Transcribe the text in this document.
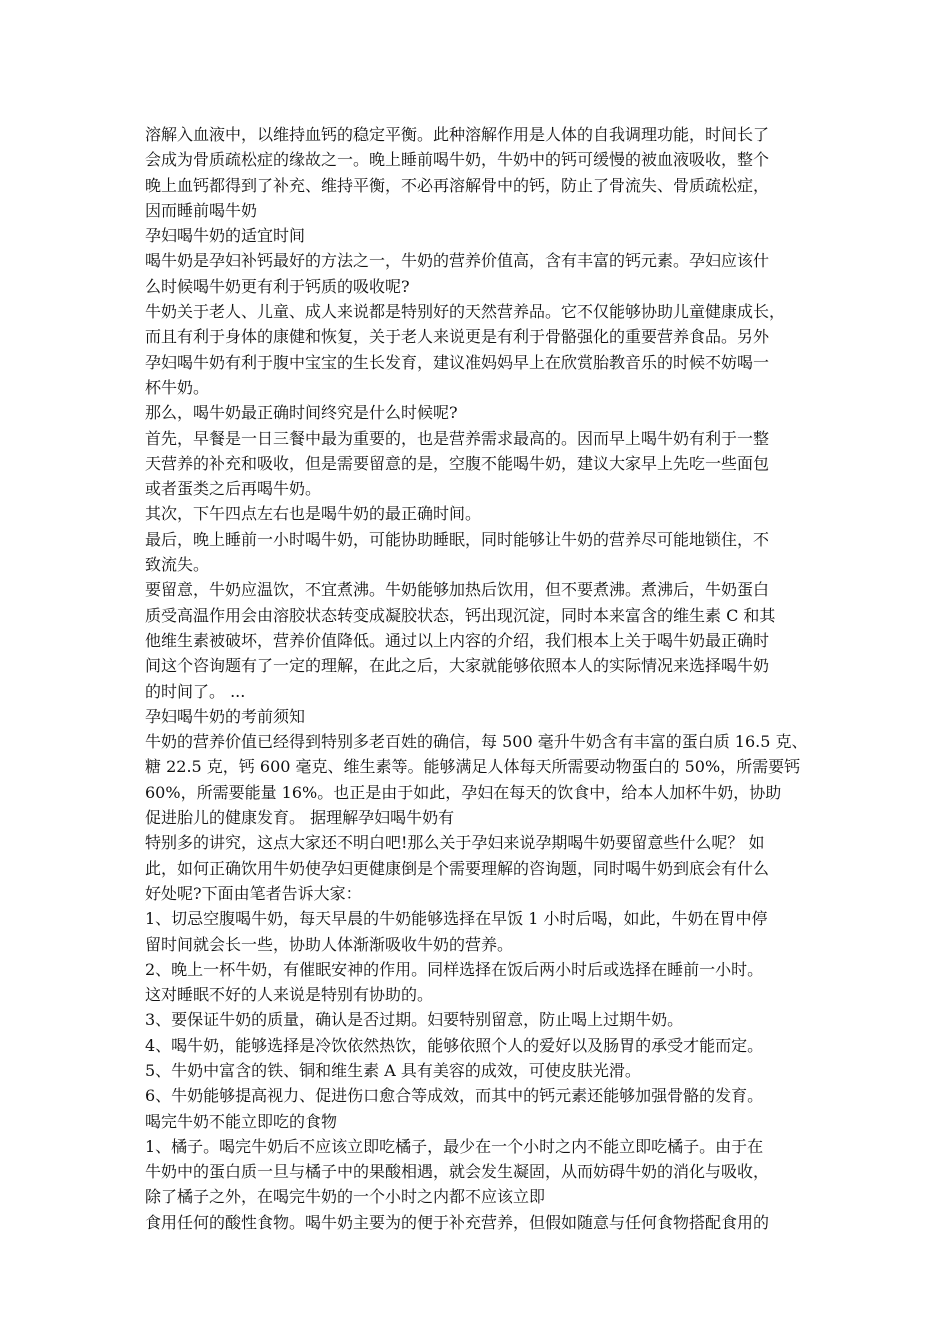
溶解入血液中，以维持血钙的稳定平衡。此种溶解作用是人体的自我调理功能，时间长了
会成为骨质疏松症的缘故之一。晚上睡前喝牛奶，牛奶中的钙可缓慢的被血液吸收，整个
晚上血钙都得到了补充、维持平衡，不必再溶解骨中的钙，防止了骨流失、骨质疏松症，
因而睡前喝牛奶
孕妇喝牛奶的适宜时间
喝牛奶是孕妇补钙最好的方法之一，牛奶的营养价值高，含有丰富的钙元素。孕妇应该什
么时候喝牛奶更有利于钙质的吸收呢?
牛奶关于老人、儿童、成人来说都是特别好的天然营养品。它不仅能够协助儿童健康成长，
而且有利于身体的康健和恢复，关于老人来说更是有利于骨骼强化的重要营养食品。另外
孕妇喝牛奶有利于腹中宝宝的生长发育，建议准妈妈早上在欣赏胎教音乐的时候不妨喝一
杯牛奶。
那么，喝牛奶最正确时间终究是什么时候呢?
首先，早餐是一日三餐中最为重要的，也是营养需求最高的。因而早上喝牛奶有利于一整
天营养的补充和吸收，但是需要留意的是，空腹不能喝牛奶，建议大家早上先吃一些面包
或者蛋类之后再喝牛奶。
其次，下午四点左右也是喝牛奶的最正确时间。
最后，晚上睡前一小时喝牛奶，可能协助睡眠，同时能够让牛奶的营养尽可能地锁住，不
致流失。
要留意，牛奶应温饮，不宜煮沸。牛奶能够加热后饮用，但不要煮沸。煮沸后，牛奶蛋白
质受高温作用会由溶胶状态转变成凝胶状态，钙出现沉淀，同时本来富含的维生素 C 和其
他维生素被破坏，营养价值降低。通过以上内容的介绍，我们根本上关于喝牛奶最正确时
间这个咨询题有了一定的理解，在此之后，大家就能够依照本人的实际情况来选择喝牛奶
的时间了。 ...
孕妇喝牛奶的考前须知
牛奶的营养价值已经得到特别多老百姓的确信，每 500 毫升牛奶含有丰富的蛋白质 16.5 克、
糖 22.5 克，钙 600 毫克、维生素等。能够满足人体每天所需要动物蛋白的 50%，所需要钙
60%，所需要能量 16%。也正是由于如此，孕妇在每天的饮食中，给本人加杯牛奶，协助
促进胎儿的健康发育。 据理解孕妇喝牛奶有
特别多的讲究，这点大家还不明白吧!那么关于孕妇来说孕期喝牛奶要留意些什么呢？ 如
此，如何正确饮用牛奶使孕妇更健康倒是个需要理解的咨询题，同时喝牛奶到底会有什么
好处呢?下面由笔者告诉大家：
1、切忌空腹喝牛奶，每天早晨的牛奶能够选择在早饭 1 小时后喝，如此，牛奶在胃中停
留时间就会长一些，协助人体渐渐吸收牛奶的营养。
2、晚上一杯牛奶，有催眠安神的作用。同样选择在饭后两小时后或选择在睡前一小时。
这对睡眠不好的人来说是特别有协助的。
3、要保证牛奶的质量，确认是否过期。妇要特别留意，防止喝上过期牛奶。
4、喝牛奶，能够选择是冷饮依然热饮，能够依照个人的爱好以及肠胃的承受才能而定。
5、牛奶中富含的铁、铜和维生素 A 具有美容的成效，可使皮肤光滑。
6、牛奶能够提高视力、促进伤口愈合等成效，而其中的钙元素还能够加强骨骼的发育。
喝完牛奶不能立即吃的食物
1、橘子。喝完牛奶后不应该立即吃橘子，最少在一个小时之内不能立即吃橘子。由于在
牛奶中的蛋白质一旦与橘子中的果酸相遇，就会发生凝固，从而妨碍牛奶的消化与吸收，
除了橘子之外，在喝完牛奶的一个小时之内都不应该立即
食用任何的酸性食物。喝牛奶主要为的便于补充营养，但假如随意与任何食物搭配食用的
